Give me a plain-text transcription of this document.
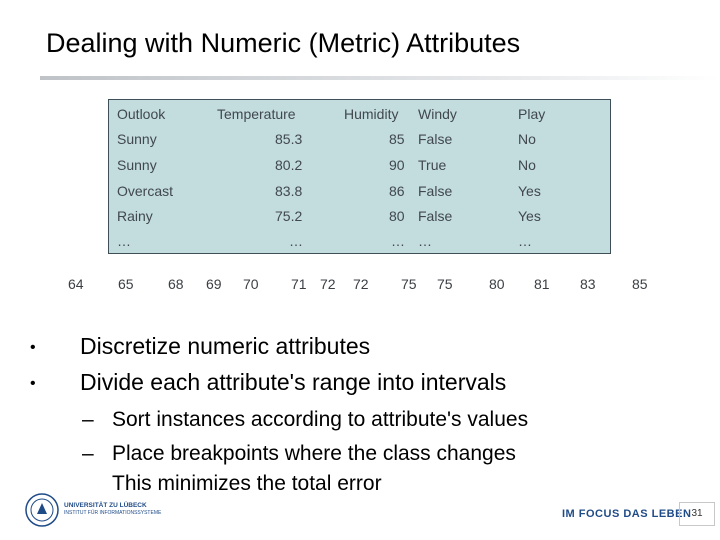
Dealing with Numeric (Metric) Attributes
Outlook	Temperature	Humidity Windy	Play
Sunny	85.3	85 False	No
Sunny	80.2	90 True	No
Overcast	83.8	86 False	Yes
Rainy	75.2	80 False	Yes
…	…	… …	…
64 65 68 69 70 71 72 72 75 75	80 81 83	85
• Discretize numeric attributes
• Divide each attribute's range into intervals
– Sort instances according to attribute's values
– Place breakpoints where the class changes
This minimizes the total error
UNIVERSITÄT ZU LÜBECK
INSTITUT FÜR INFORMATIONSSYSTEME	IM FOCUS DAS LEBEN 31
